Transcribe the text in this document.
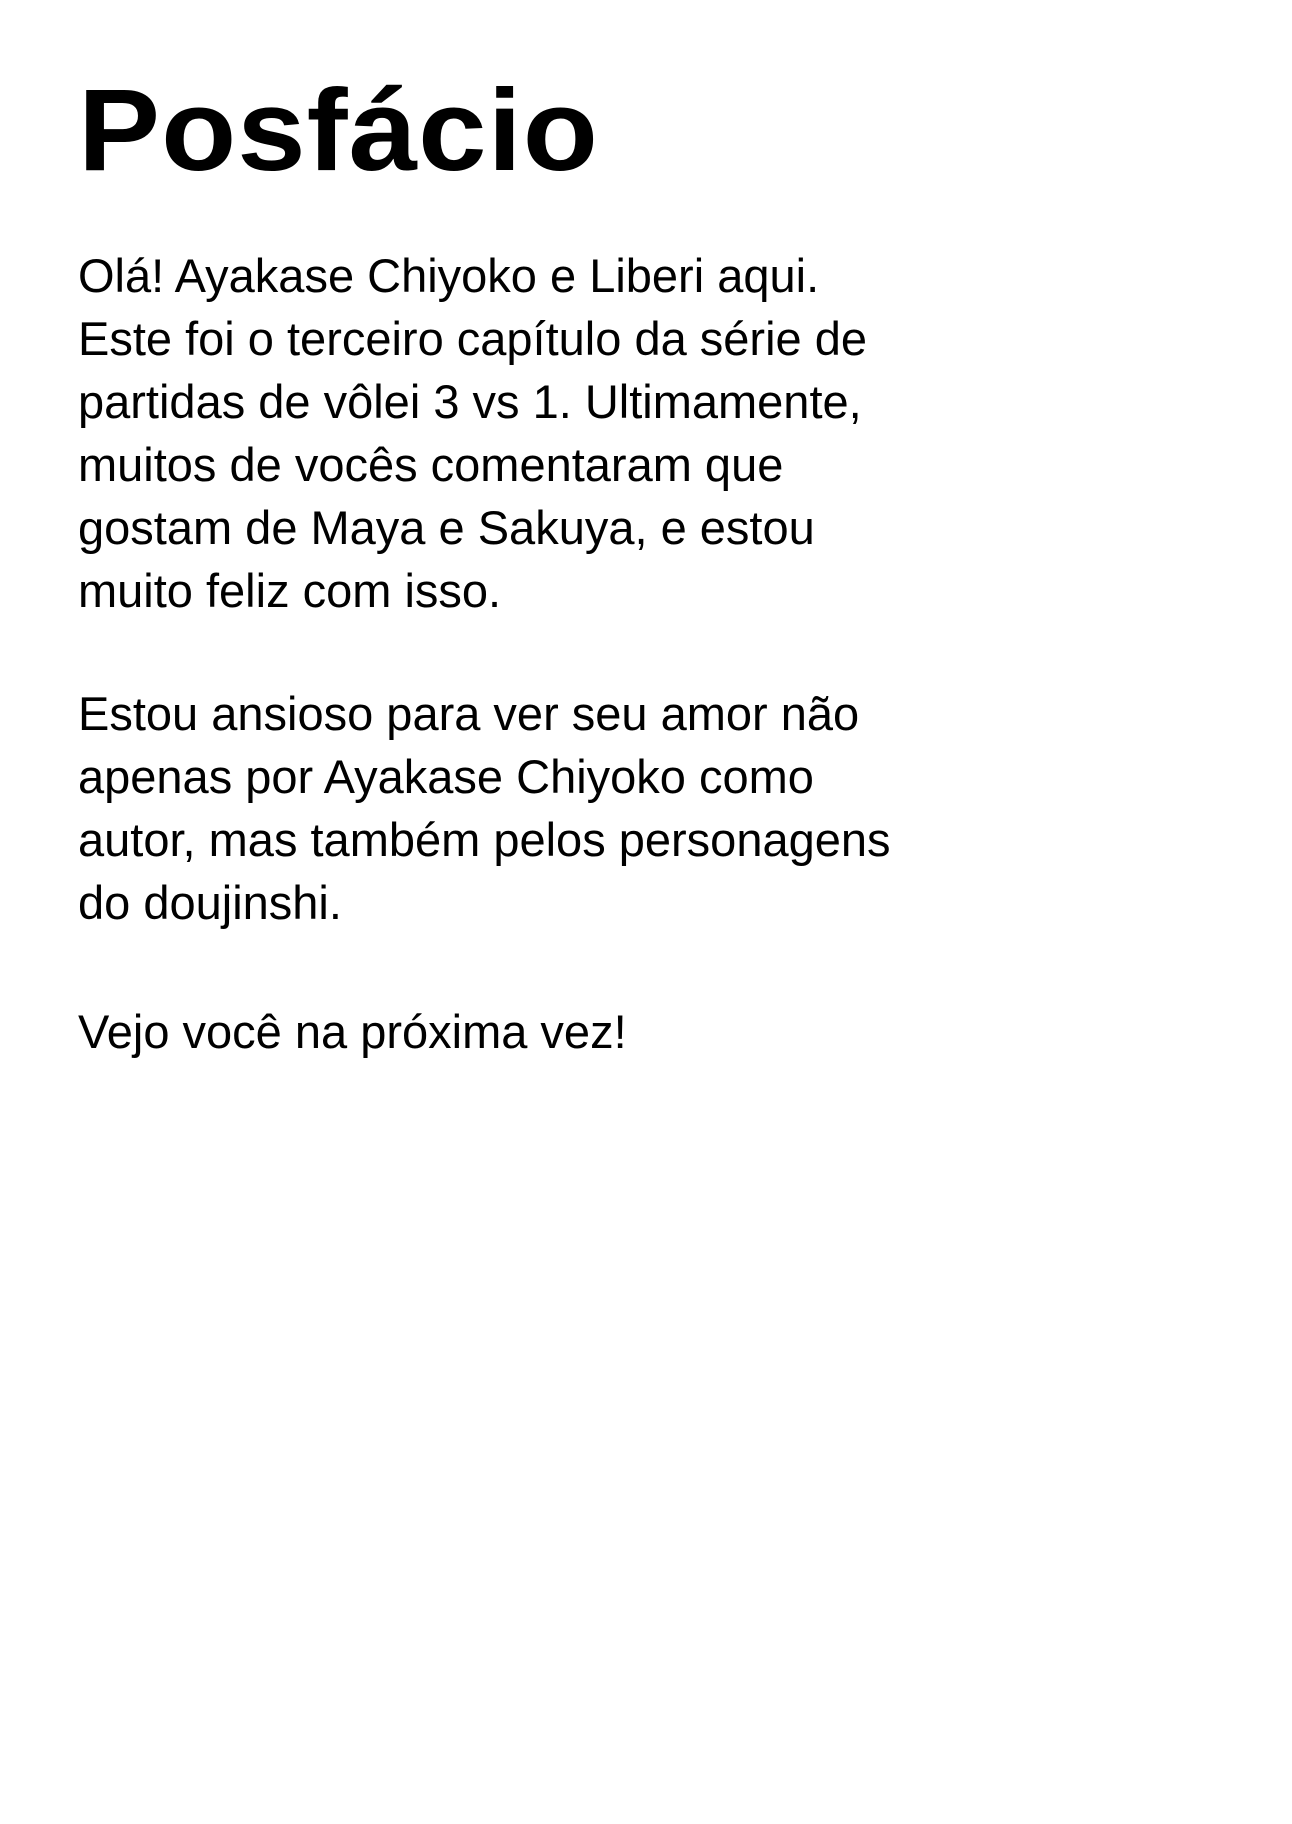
Posfácio

Olá! Ayakase Chiyoko e Liberi aqui.
Este foi o terceiro capítulo da série de
partidas de vôlei 3 vs 1. Ultimamente,
muitos de vocês comentaram que
gostam de Maya e Sakuya, e estou
muito feliz com isso.

Estou ansioso para ver seu amor não
apenas por Ayakase Chiyoko como
autor, mas também pelos personagens
do doujinshi.

Vejo você na próxima vez!
